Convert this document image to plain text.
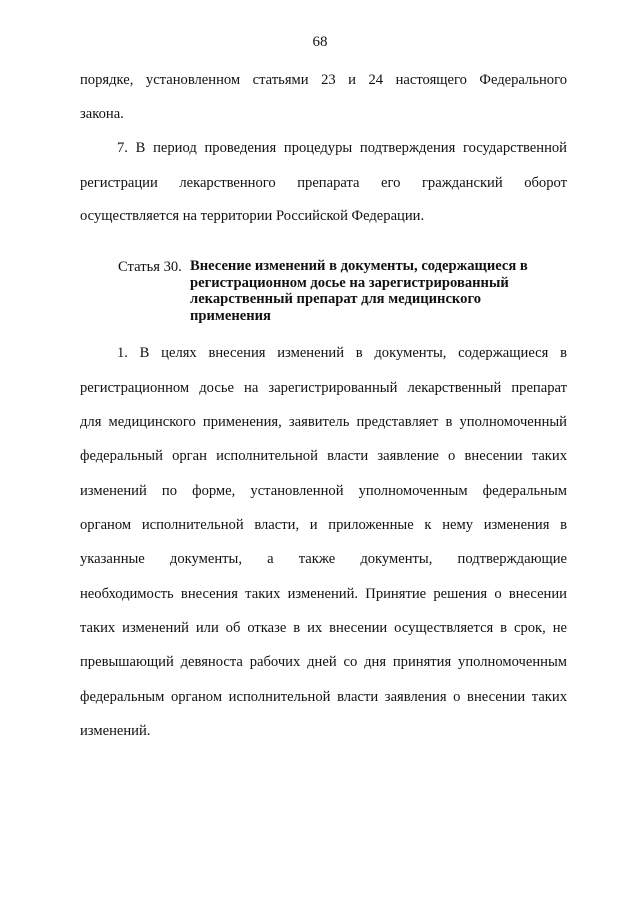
68
порядке, установленном статьями 23 и 24 настоящего Федерального
закона.
7. В период проведения процедуры подтверждения государственной
регистрации лекарственного препарата его гражданский оборот
осуществляется на территории Российской Федерации.
Статья 30. Внесение изменений в документы, содержащиеся в
регистрационном досье на зарегистрированный
лекарственный препарат для медицинского
применения
1. В целях внесения изменений в документы, содержащиеся в
регистрационном досье на зарегистрированный лекарственный препарат
для медицинского применения, заявитель представляет в уполномоченный
федеральный орган исполнительной власти заявление о внесении таких
изменений по форме, установленной уполномоченным федеральным
органом исполнительной власти, и приложенные к нему изменения в
указанные документы, а также документы, подтверждающие
необходимость внесения таких изменений. Принятие решения о внесении
таких изменений или об отказе в их внесении осуществляется в срок, не
превышающий девяноста рабочих дней со дня принятия уполномоченным
федеральным органом исполнительной власти заявления о внесении таких
изменений.
